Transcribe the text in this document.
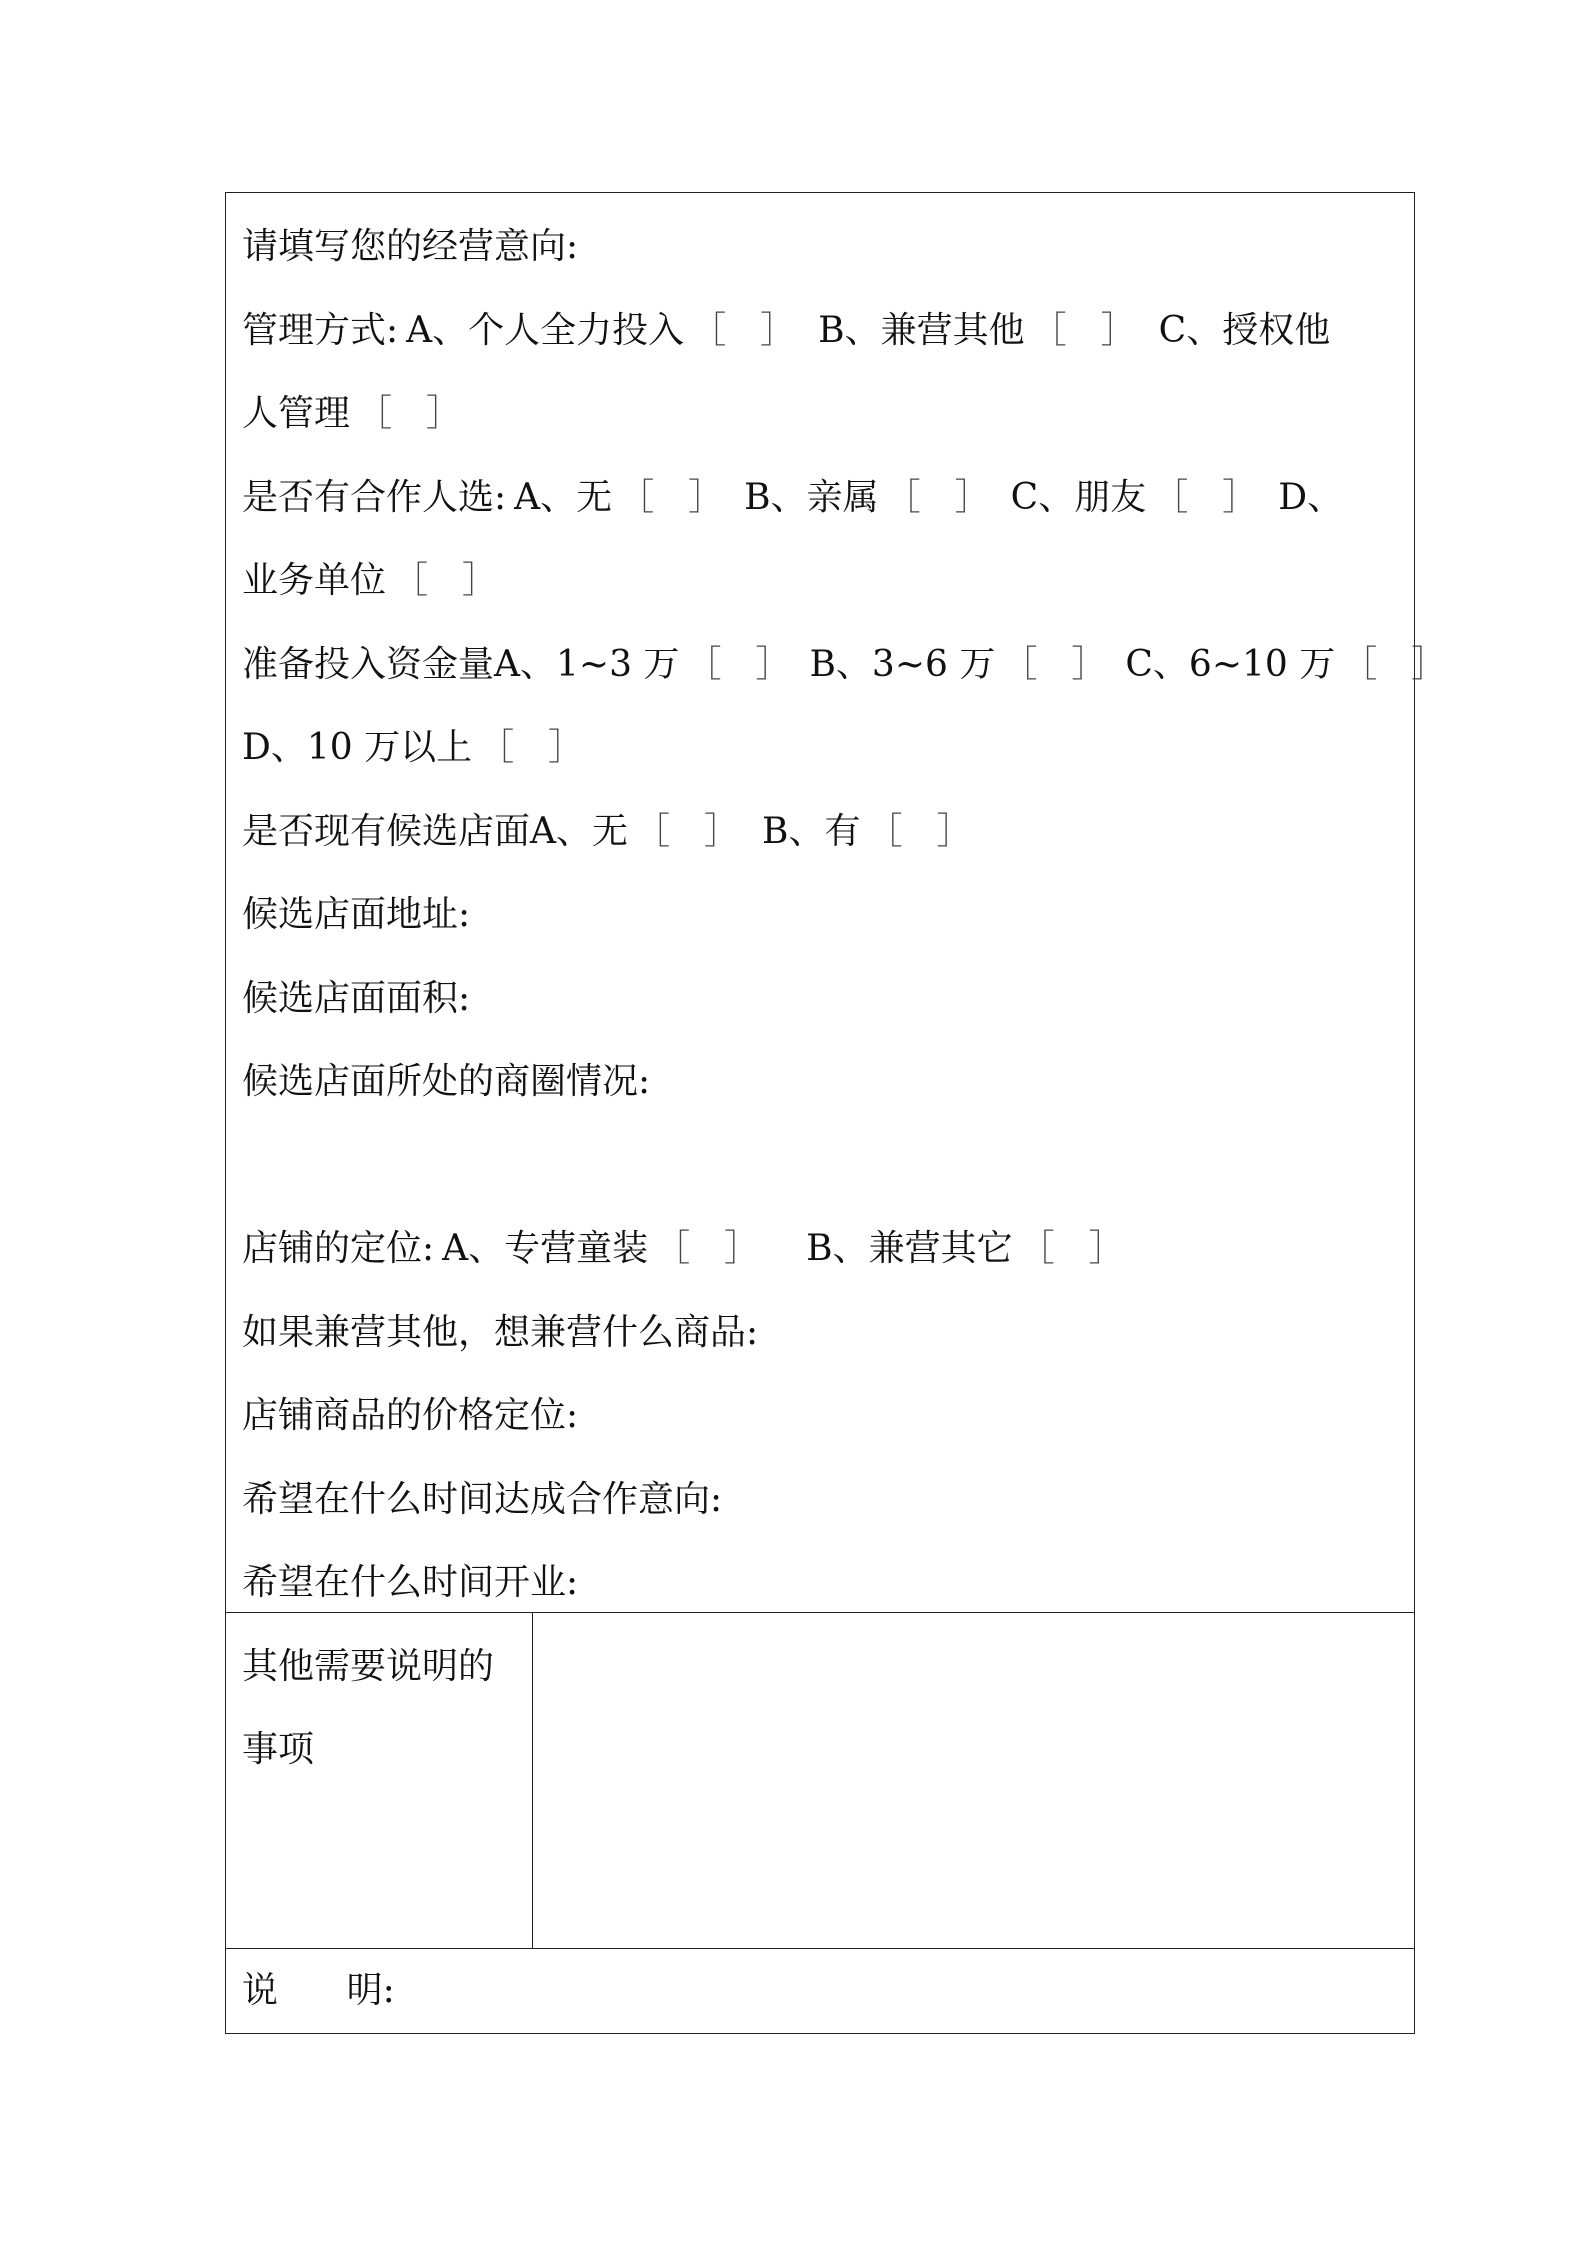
请填写您的经营意向:
管理方式: A、个人全力投入 ［ ］ B、兼营其他 ［ ］ C、授权他
人管理 ［ ］
是否有合作人选: A、无 ［ ］ B、亲属 ［ ］ C、朋友 ［ ］ D、
业务单位 ［ ］
准备投入资金量A、1~3 万 ［ ］ B、3~6 万 ［ ］ C、6~10 万 ［ ］
D、10 万以上 ［ ］
是否现有候选店面A、无 ［ ］ B、有 ［ ］
候选店面地址:
候选店面面积:
候选店面所处的商圈情况:
店铺的定位: A、专营童装 ［ ］ B、兼营其它 ［ ］
如果兼营其他，想兼营什么商品:
店铺商品的价格定位:
希望在什么时间达成合作意向:
希望在什么时间开业:
其他需要说明的事项
说      明:
